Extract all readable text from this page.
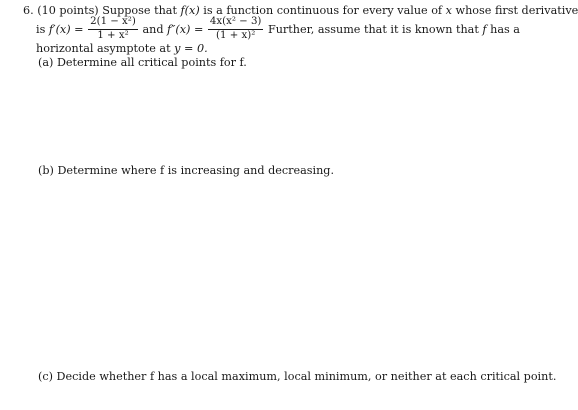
6. (10 points) Suppose that f(x) is a function continuous for every value of x whose first derivative
is $f'(x) = \frac{\text{2(1 − x²)}}{\text{1 + x²}}$ and $f''(x) = \frac{\text{4x(x² − 3)}}{\text{(1 + x)²}}$ Further, assume that it is known that f has a
horizontal asymptote at y = 0.
(a) Determine all critical points for f.
(b) Determine where f is increasing and decreasing.
(c) Decide whether f has a local maximum, local minimum, or neither at each critical point.
